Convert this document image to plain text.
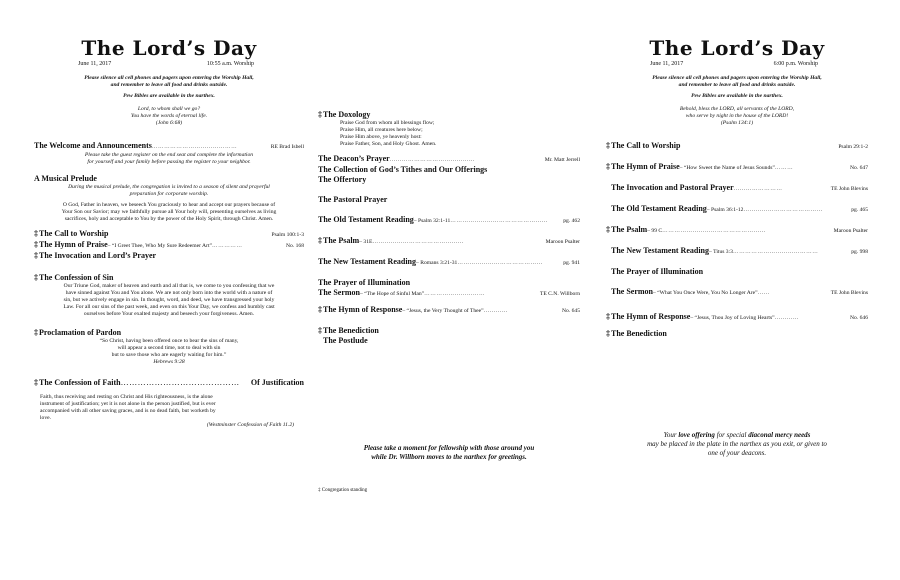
The Lord’s Day
June 11, 2017	10:55 a.m. Worship
Please silence all cell phones and pagers upon entering the Worship Hall,
and remember to leave all food and drinks outside.
Pew Bibles are available in the narthex.
Lord, to whom shall we go?
You have the words of eternal life.
(John 6:68)
The Welcome and Announcements ……………………………………	RE Brad Isbell
Please take the guest register on the end seat and complete the information
for yourself and your family before passing the register to your neighbor.
A Musical Prelude
During the musical prelude, the congregation is invited to a season of silent and prayerful
preparation for corporate worship.
O God, Father in heaven, we beseech You graciously to hear and accept our prayers because of
Your Son our Savior; may we faithfully pursue all Your holy will, presenting ourselves as living
sacrifices, holy and acceptable to You by the power of the Holy Spirit, through Christ. Amen.
‡ The Call to Worship	Psalm 100:1-3
‡ The Hymn of Praise – “I Greet Thee, Who My Sure Redeemer Art” ……………	No. 168
‡ The Invocation and Lord’s Prayer
‡ The Confession of Sin
Our Triune God, maker of heaven and earth and all that is, we come to you confessing that we
have sinned against You and You alone. We are not only born into the world with a nature of
sin, but we actively engage in sin. In thought, word, and deed, we have transgressed your holy
Law. For all our sins of the past week, and even on this Your Day, we confess and humbly cast
ourselves before Your exalted majesty and beseech your forgiveness. Amen.
‡ Proclamation of Pardon
“So Christ, having been offered once to bear the sins of many,
will appear a second time, not to deal with sin
but to save those who are eagerly waiting for him.”
Hebrews 9:28
‡ The Confession of Faith ……………………………………	Of Justification
Faith, thus receiving and resting on Christ and His righteousness, is the alone
instrument of justification; yet it is not alone in the person justified, but is ever
accompanied with all other saving graces, and is no dead faith, but worketh by
love.
(Westminster Confession of Faith 11.2)
‡ The Doxology
Praise God from whom all blessings flow;
Praise Him, all creatures here below;
Praise Him above, ye heavenly host:
Praise Father, Son, and Holy Ghost. Amen.
The Deacon’s Prayer ……………………………………	Mr. Matt Jerrell
The Collection of God’s Tithes and Our Offerings
The Offertory
The Pastoral Prayer
The Old Testament Reading – Psalm 32:1-11 …………………………………………	pg. 462
‡ The Psalm – 31E ………………………………………	Maroon Psalter
The New Testament Reading – Romans 3:21-31 ……………………………………	pg. 941
The Prayer of Illumination
The Sermon – “The Hope of Sinful Man” …………………………	TE C.N. Willborn
‡ The Hymn of Response – “Jesus, the Very Thought of Thee” …………	No. 645
‡ The Benediction
The Postlude
Please take a moment for fellowship with those around you
while Dr. Willborn moves to the narthex for greetings.
‡ Congregation standing
The Lord’s Day
June 11, 2017	6:00 p.m. Worship
Please silence all cell phones and pagers upon entering the Worship Hall,
and remember to leave all food and drinks outside.
Pew Bibles are available in the narthex.
Behold, bless the LORD, all servants of the LORD,
who serve by night in the house of the LORD!
(Psalm 134:1)
‡ The Call to Worship	Psalm 29:1-2
‡ The Hymn of Praise – “How Sweet the Name of Jesus Sounds” ………	No. 647
The Invocation and Pastoral Prayer ……………………	TE John Blevins
The Old Testament Reading – Psalm 36:1-12 …………………………………	pg. 465
‡ The Psalm – 99 C ……………………………………………	Maroon Psalter
The New Testament Reading – Titus 3:3 ……………………………………	pg. 998
The Prayer of Illumination
The Sermon – “What You Once Were, You No Longer Are” ……	TE John Blevins
‡ The Hymn of Response – “Jesus, Thou Joy of Loving Hearts” …………	No. 646
‡ The Benediction
Your love offering for special diaconal mercy needs
may be placed in the plate in the narthex as you exit, or given to
one of your deacons.
